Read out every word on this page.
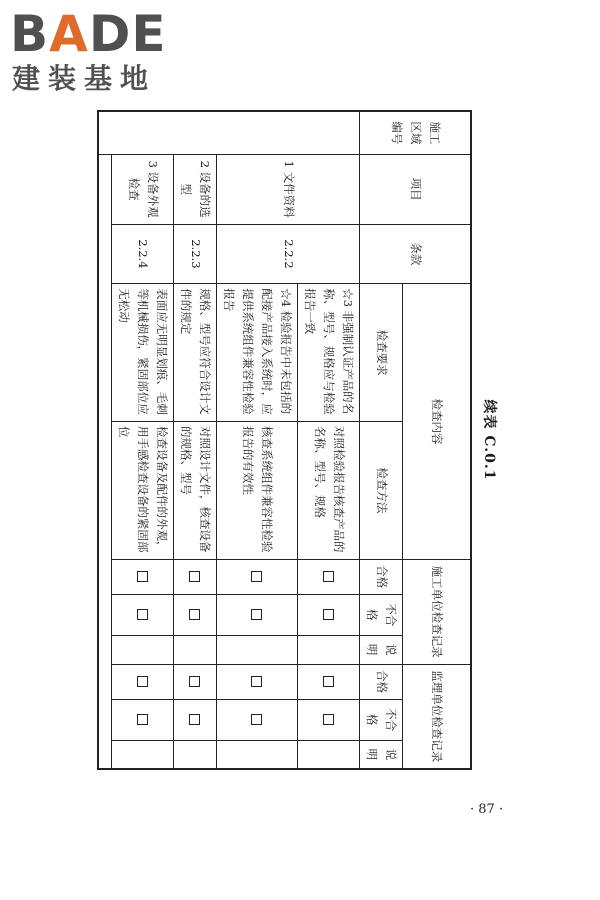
BADE
建装基地
续表 C.0.1
施工区域编号	项目	条款	检查内容		施工单位检查记录			监理单位检查记录		

			检查要求	检查方法	合格	不合格	说明	合格	不合格	说明
	1 文件资料	2.2.2	☆3 非强制认证产品的名称、型号、规格应与检验报告一致	对照检验报告核查产品的名称、型号、规格						
			☆4 检验报告中未包括的配接产品接入系统时，应提供系统组件兼容性检验报告	核查系统组件兼容性检验报告的有效性						
	2 设备的选型	2.2.3	规格、型号应符合设计文件的规定	对照设计文件，核查设备的规格、型号						
	3 设备外观检查	2.2.4	表面应无明显划痕、毛刺等机械损伤，紧固部位应无松动	检查设备及配件的外观，用手感检查设备的紧固部位						

· 87 ·
